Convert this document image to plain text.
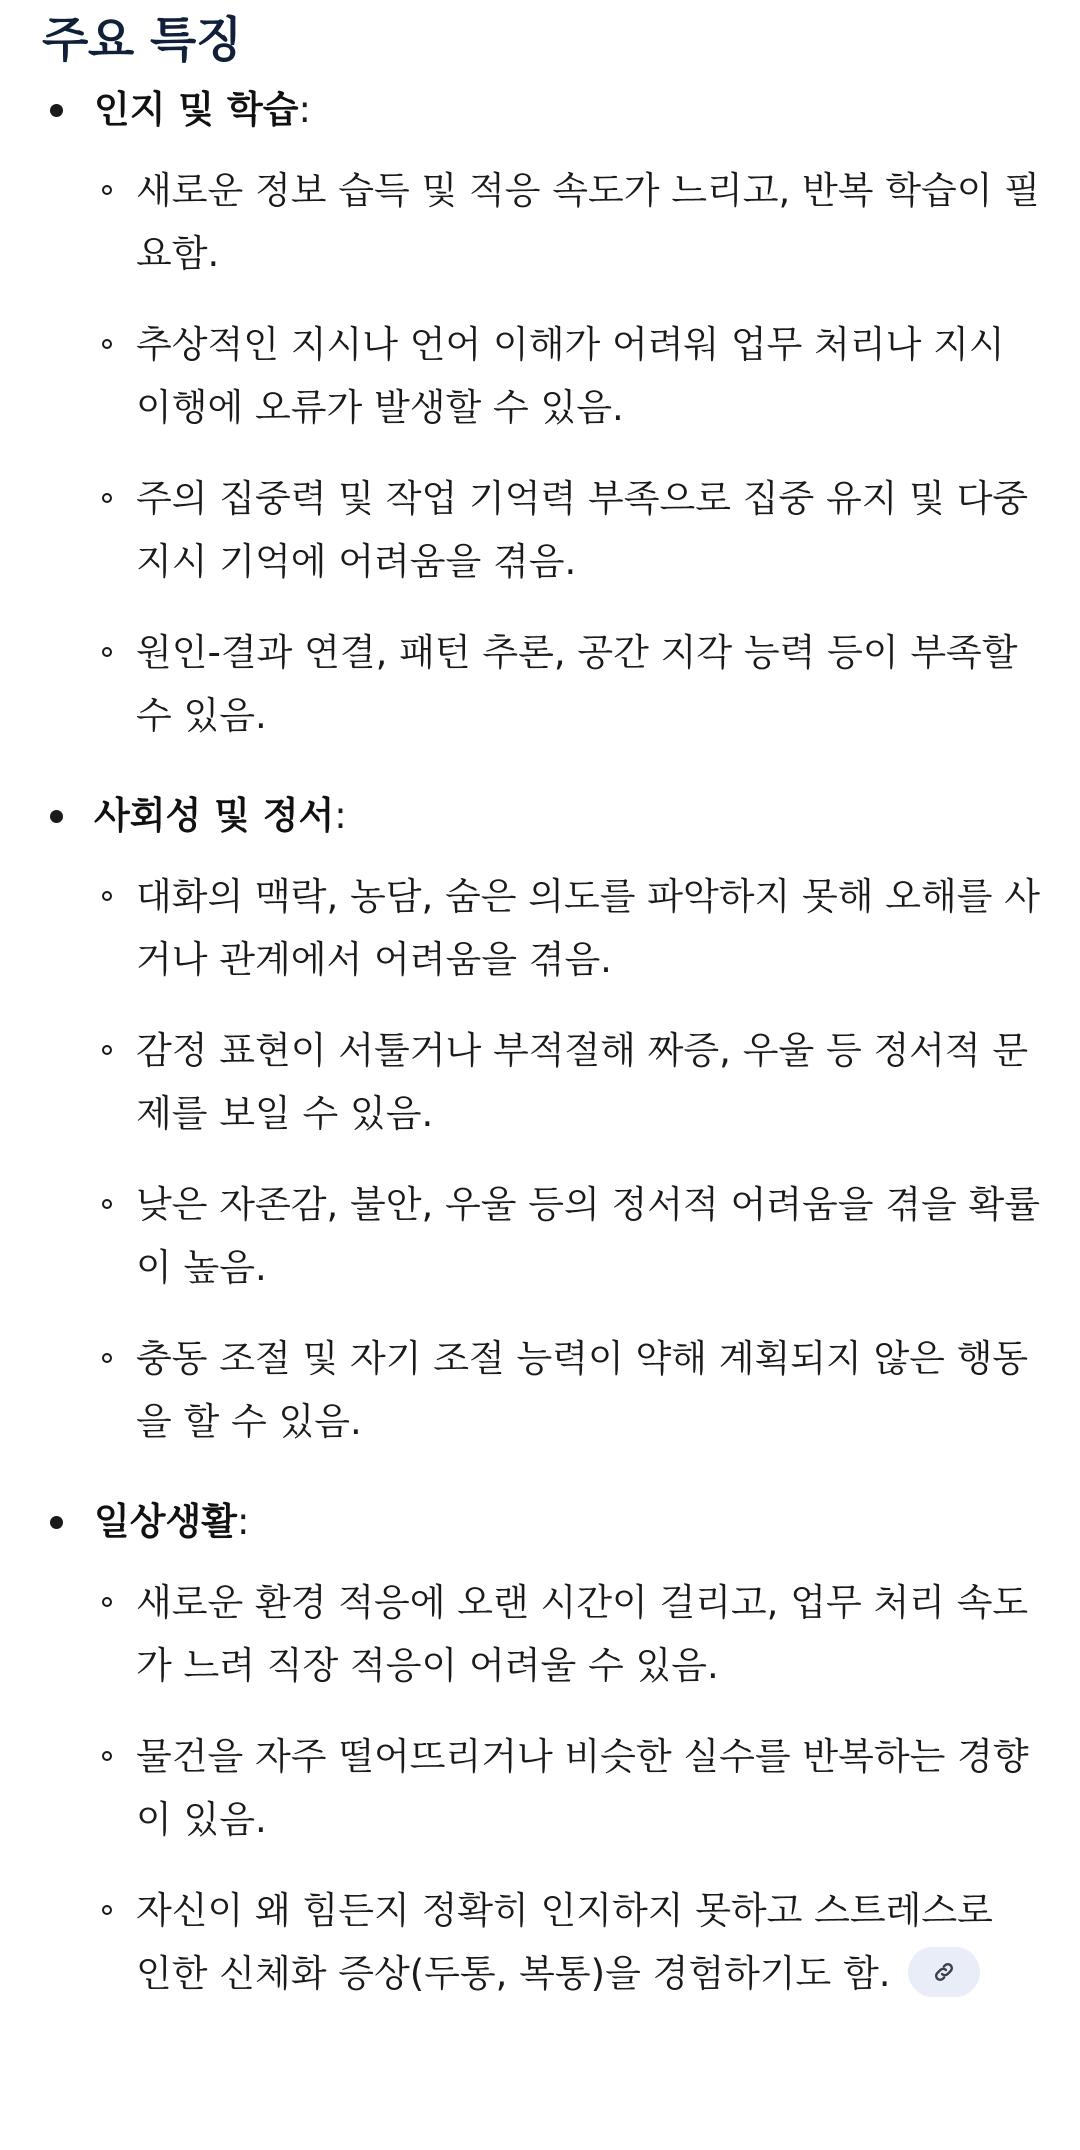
주요 특징
인지 및 학습:
새로운 정보 습득 및 적응 속도가 느리고, 반복 학습이 필요함.
추상적인 지시나 언어 이해가 어려워 업무 처리나 지시 이행에 오류가 발생할 수 있음.
주의 집중력 및 작업 기억력 부족으로 집중 유지 및 다중 지시 기억에 어려움을 겪음.
원인-결과 연결, 패턴 추론, 공간 지각 능력 등이 부족할 수 있음.
사회성 및 정서:
대화의 맥락, 농담, 숨은 의도를 파악하지 못해 오해를 사거나 관계에서 어려움을 겪음.
감정 표현이 서툴거나 부적절해 짜증, 우울 등 정서적 문제를 보일 수 있음.
낮은 자존감, 불안, 우울 등의 정서적 어려움을 겪을 확률이 높음.
충동 조절 및 자기 조절 능력이 약해 계획되지 않은 행동을 할 수 있음.
일상생활:
새로운 환경 적응에 오랜 시간이 걸리고, 업무 처리 속도가 느려 직장 적응이 어려울 수 있음.
물건을 자주 떨어뜨리거나 비슷한 실수를 반복하는 경향이 있음.
자신이 왜 힘든지 정확히 인지하지 못하고 스트레스로 인한 신체화 증상(두통, 복통)을 경험하기도 함.
